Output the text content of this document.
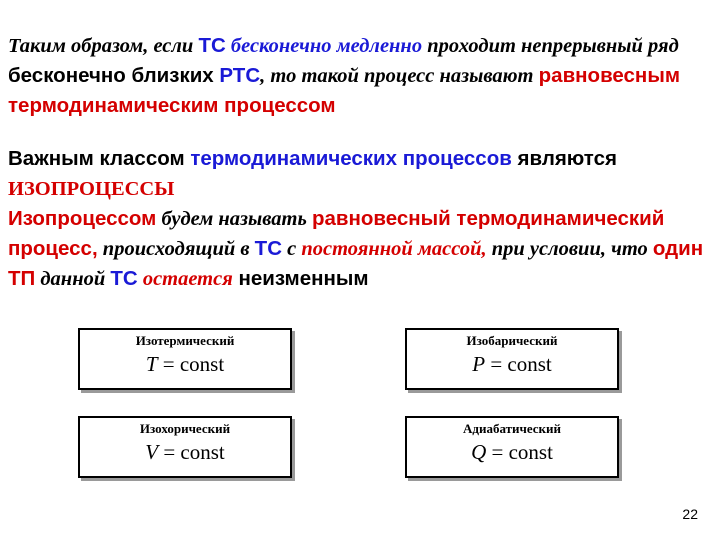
Таким образом, если ТС бесконечно медленно проходит непрерывный ряд бесконечно близких РТС, то такой процесс называют равновесным термодинамическим процессом
Важным классом термодинамических процессов являются
ИЗОПРОЦЕССЫ
Изопроцессом будем называть равновесный термодинамический процесс, происходящий в ТС с постоянной массой, при условии, что один ТП данной ТС остается неизменным
Изотермический
T = const
Изобарический
P = const
Изохорический
V = const
Адиабатический
Q = const
22
